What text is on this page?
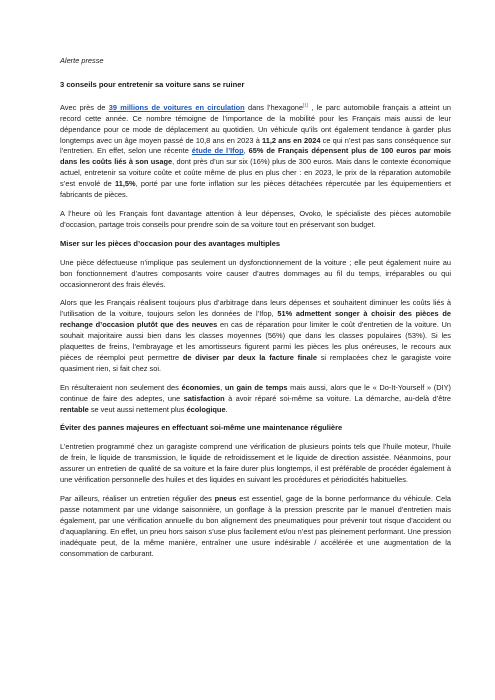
Alerte presse

3 conseils pour entretenir sa voiture sans se ruiner

Avec près de 39 millions de voitures en circulation dans l’hexagone[1] , le parc automobile français a atteint un record cette année. Ce nombre témoigne de l’importance de la mobilité pour les Français mais aussi de leur dépendance pour ce mode de déplacement au quotidien. Un véhicule qu’ils ont également tendance à garder plus longtemps avec un âge moyen passé de 10,8 ans en 2023 à 11,2 ans en 2024 ce qui n’est pas sans conséquence sur l’entretien. En effet, selon une récente étude de l’Ifop, 65% de Français dépensent plus de 100 euros par mois dans les coûts liés à son usage, dont près d’un sur six (16%) plus de 300 euros. Mais dans le contexte économique actuel, entretenir sa voiture coûte et coûte même de plus en plus cher : en 2023, le prix de la réparation automobile s’est envolé de 11,5%, porté par une forte inflation sur les pièces détachées répercutée par les équipementiers et fabricants de pièces.

A l’heure où les Français font davantage attention à leur dépenses, Ovoko, le spécialiste des pièces automobile d’occasion, partage trois conseils pour prendre soin de sa voiture tout en préservant son budget.

Miser sur les pièces d’occasion pour des avantages multiples

Une pièce défectueuse n’implique pas seulement un dysfonctionnement de la voiture ; elle peut également nuire au bon fonctionnement d’autres composants voire causer d’autres dommages au fil du temps, irréparables ou qui occasionneront des frais élevés.

Alors que les Français réalisent toujours plus d’arbitrage dans leurs dépenses et souhaitent diminuer les coûts liés à l’utilisation de la voiture, toujours selon les données de l’Ifop, 51% admettent songer à choisir des pièces de rechange d’occasion plutôt que des neuves en cas de réparation pour limiter le coût d’entretien de la voiture. Un souhait majoritaire aussi bien dans les classes moyennes (56%) que dans les classes populaires (53%). Si les plaquettes de freins, l’embrayage et les amortisseurs figurent parmi les pièces les plus onéreuses, le recours aux pièces de réemploi peut permettre de diviser par deux la facture finale si remplacées chez le garagiste voire quasiment rien, si fait chez soi.

En résulteraient non seulement des économies, un gain de temps mais aussi, alors que le « Do-It-Yourself » (DIY) continue de faire des adeptes, une satisfaction à avoir réparé soi-même sa voiture. La démarche, au-delà d’être rentable se veut aussi nettement plus écologique.

Éviter des pannes majeures en effectuant soi-même une maintenance régulière

L’entretien programmé chez un garagiste comprend une vérification de plusieurs points tels que l’huile moteur, l’huile de frein, le liquide de transmission, le liquide de refroidissement et le liquide de direction assistée. Néanmoins, pour assurer un entretien de qualité de sa voiture et la faire durer plus longtemps, il est préférable de procéder également à une vérification personnelle des huiles et des liquides en suivant les procédures et périodicités habituelles.

Par ailleurs, réaliser un entretien régulier des pneus est essentiel, gage de la bonne performance du véhicule. Cela passe notamment par une vidange saisonnière, un gonflage à la pression prescrite par le manuel d’entretien mais également, par une vérification annuelle du bon alignement des pneumatiques pour prévenir tout risque d’accident ou d’aquaplaning. En effet, un pneu hors saison s’use plus facilement et/ou n’est pas pleinement performant. Une pression inadéquate peut, de la même manière, entraîner une usure indésirable / accélérée et une augmentation de la consommation de carburant.
